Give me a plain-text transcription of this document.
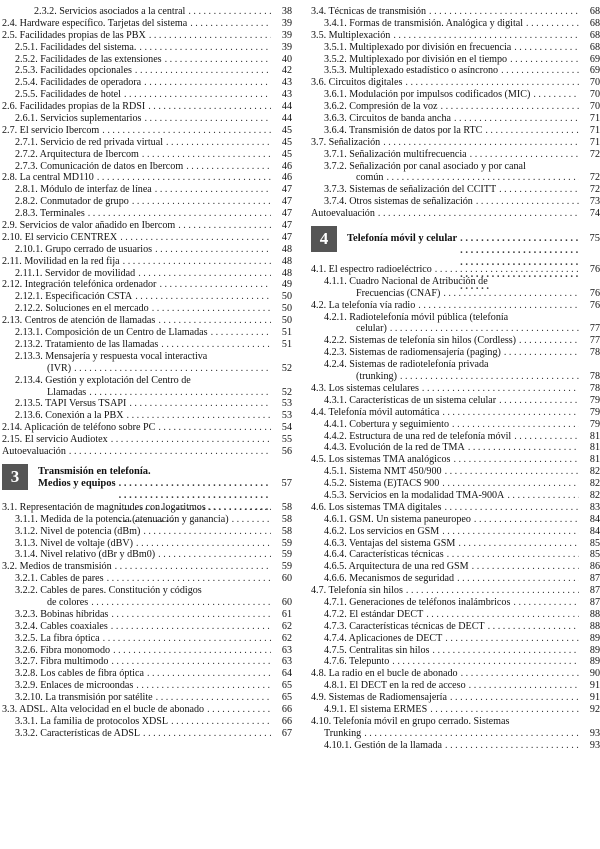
2.3.2. Servicios asociados a la central . . .	38
2.4. Hardware específico. Tarjetas del sistema . . .	39
2.5. Facilidades propias de las PBX . . .	39
2.5.1. Facilidades del sistema. . . .	39
2.5.2. Facilidades de las extensiones . . .	40
2.5.3. Facilidades opcionales . . .	42
2.5.4. Facilidades de operadora . . .	43
2.5.5. Facilidades de hotel . . .	43
2.6. Facilidades propias de la RDSI . . .	44
2.6.1. Servicios suplementarios . . .	44
2.7. El servicio Ibercom . . .	45
2.7.1. Servicio de red privada virtual . . .	45
2.7.2. Arquitectura de Ibercom . . .	45
2.7.3. Comunicación de datos en Ibercom . . .	46
2.8. La central MD110 . . .	46
2.8.1. Módulo de interfaz de línea . . .	47
2.8.2. Conmutador de grupo . . .	47
2.8.3. Terminales . . .	47
2.9. Servicios de valor añadido en Ibercom . . .	47
2.10. El servicio CENTREX . . .	47
2.10.1. Grupo cerrado de usuarios . . .	48
2.11. Movilidad en la red fija . . .	48
2.11.1. Servidor de movilidad . . .	48
2.12. Integración telefónica ordenador . . .	49
2.12.1. Especificación CSTA . . .	50
2.12.2. Soluciones en el mercado . . .	50
2.13. Centros de atención de llamadas . . .	50
2.13.1. Composición de un Centro de Llamadas . . .	51
2.13.2. Tratamiento de las llamadas . . .	51
2.13.3. Mensajería y respuesta vocal interactiva
(IVR) . . .	52
2.13.4. Gestión y explotación del Centro de
Llamadas . . .	52
2.13.5. TAPI Versus TSAPI . . .	53
2.13.6. Conexión a la PBX . . .	53
2.14. Aplicación de teléfono sobre PC . . .	54
2.15. El servicio Audiotex . . .	55
Autoevaluación . . .	56
3	Transmisión en telefonía.
Medios y equipos . . .	57
3.1. Representación de magnitudes con logaritmos . . .	58
3.1.1. Medida de la potencia (atenuación y ganancia) . . .	58
3.1.2. Nivel de potencia (dBm) . . .	58
3.1.3. Nivel de voltaje (dBV) . . .	59
3.1.4. Nivel relativo (dBr y dBm0) . . .	59
3.2. Medios de transmisión . . .	59
3.2.1. Cables de pares . . .	60
3.2.2. Cables de pares. Constitución y códigos
de colores . . .	60
3.2.3. Bobinas híbridas . . .	61
3.2.4. Cables coaxiales . . .	62
3.2.5. La fibra óptica . . .	62
3.2.6. Fibra monomodo . . .	63
3.2.7. Fibra multimodo . . .	63
3.2.8. Los cables de fibra óptica . . .	64
3.2.9. Enlaces de microondas . . .	65
3.2.10. La transmisión por satélite . . .	65
3.3. ADSL. Alta velocidad en el bucle de abonado . . .	66
3.3.1. La familia de protocolos XDSL . . .	66
3.3.2. Características de ADSL . . .	67
3.4. Técnicas de transmisión . . .	68
3.4.1. Formas de transmisión. Analógica y digital . . .	68
3.5. Multiplexación . . .	68
3.5.1. Multiplexado por división en frecuencia . . .	68
3.5.2. Multiplexado por división en el tiempo . . .	69
3.5.3. Multiplexado estadístico o asíncrono . . .	69
3.6. Circuitos digitales . . .	70
3.6.1. Modulación por impulsos codificados (MIC) . . .	70
3.6.2. Compresión de la voz . . .	70
3.6.3. Circuitos de banda ancha . . .	71
3.6.4. Transmisión de datos por la RTC . . .	71
3.7. Señalización . . .	71
3.7.1. Señalización multifrecuencia . . .	72
3.7.2. Señalización por canal asociado y por canal
común . . .	72
3.7.3. Sistemas de señalización del CCITT . . .	72
3.7.4. Otros sistemas de señalización . . .	73
Autoevaluación . . .	74
4	Telefonía móvil y celular . . .	75
4.1. El espectro radioeléctrico . . .	76
4.1.1. Cuadro Nacional de Atribución de
Frecuencias (CNAF) . . .	76
4.2. La telefonía vía radio . . .	76
4.2.1. Radiotelefonía móvil pública (telefonía
celular) . . .	77
4.2.2. Sistemas de telefonía sin hilos (Cordless) . . .	77
4.2.3. Sistemas de radiomensajería (paging) . . .	78
4.2.4. Sistemas de radiotelefonía privada
(trunking) . . .	78
4.3. Los sistemas celulares . . .	78
4.3.1. Características de un sistema celular . . .	79
4.4. Telefonía móvil automática . . .	79
4.4.1. Cobertura y seguimiento . . .	79
4.4.2. Estructura de una red de telefonía móvil . . .	81
4.4.3. Evolución de la red de TMA . . .	81
4.5. Los sistemas TMA analógicos . . .	81
4.5.1. Sistema NMT 450/900 . . .	82
4.5.2. Sistema (E)TACS 900 . . .	82
4.5.3. Servicios en la modalidad TMA-900A . . .	82
4.6. Los sistemas TMA digitales . . .	83
4.6.1. GSM. Un sistema paneuropeo . . .	84
4.6.2. Los servicios en GSM . . .	84
4.6.3. Ventajas del sistema GSM . . .	85
4.6.4. Características técnicas . . .	85
4.6.5. Arquitectura de una red GSM . . .	86
4.6.6. Mecanismos de seguridad . . .	87
4.7. Telefonía sin hilos . . .	87
4.7.1. Generaciones de teléfonos inalámbricos . . .	87
4.7.2. El estándar DECT . . .	88
4.7.3. Características técnicas de DECT . . .	88
4.7.4. Aplicaciones de DECT . . .	89
4.7.5. Centralitas sin hilos . . .	89
4.7.6. Telepunto . . .	89
4.8. La radio en el bucle de abonado . . .	90
4.8.1. El DECT en la red de acceso . . .	91
4.9. Sistemas de Radiomensajería . . .	91
4.9.1. El sistema ERMES . . .	92
4.10. Telefonía móvil en grupo cerrado. Sistemas
Trunking . . .	93
4.10.1. Gestión de la llamada . . .	93
